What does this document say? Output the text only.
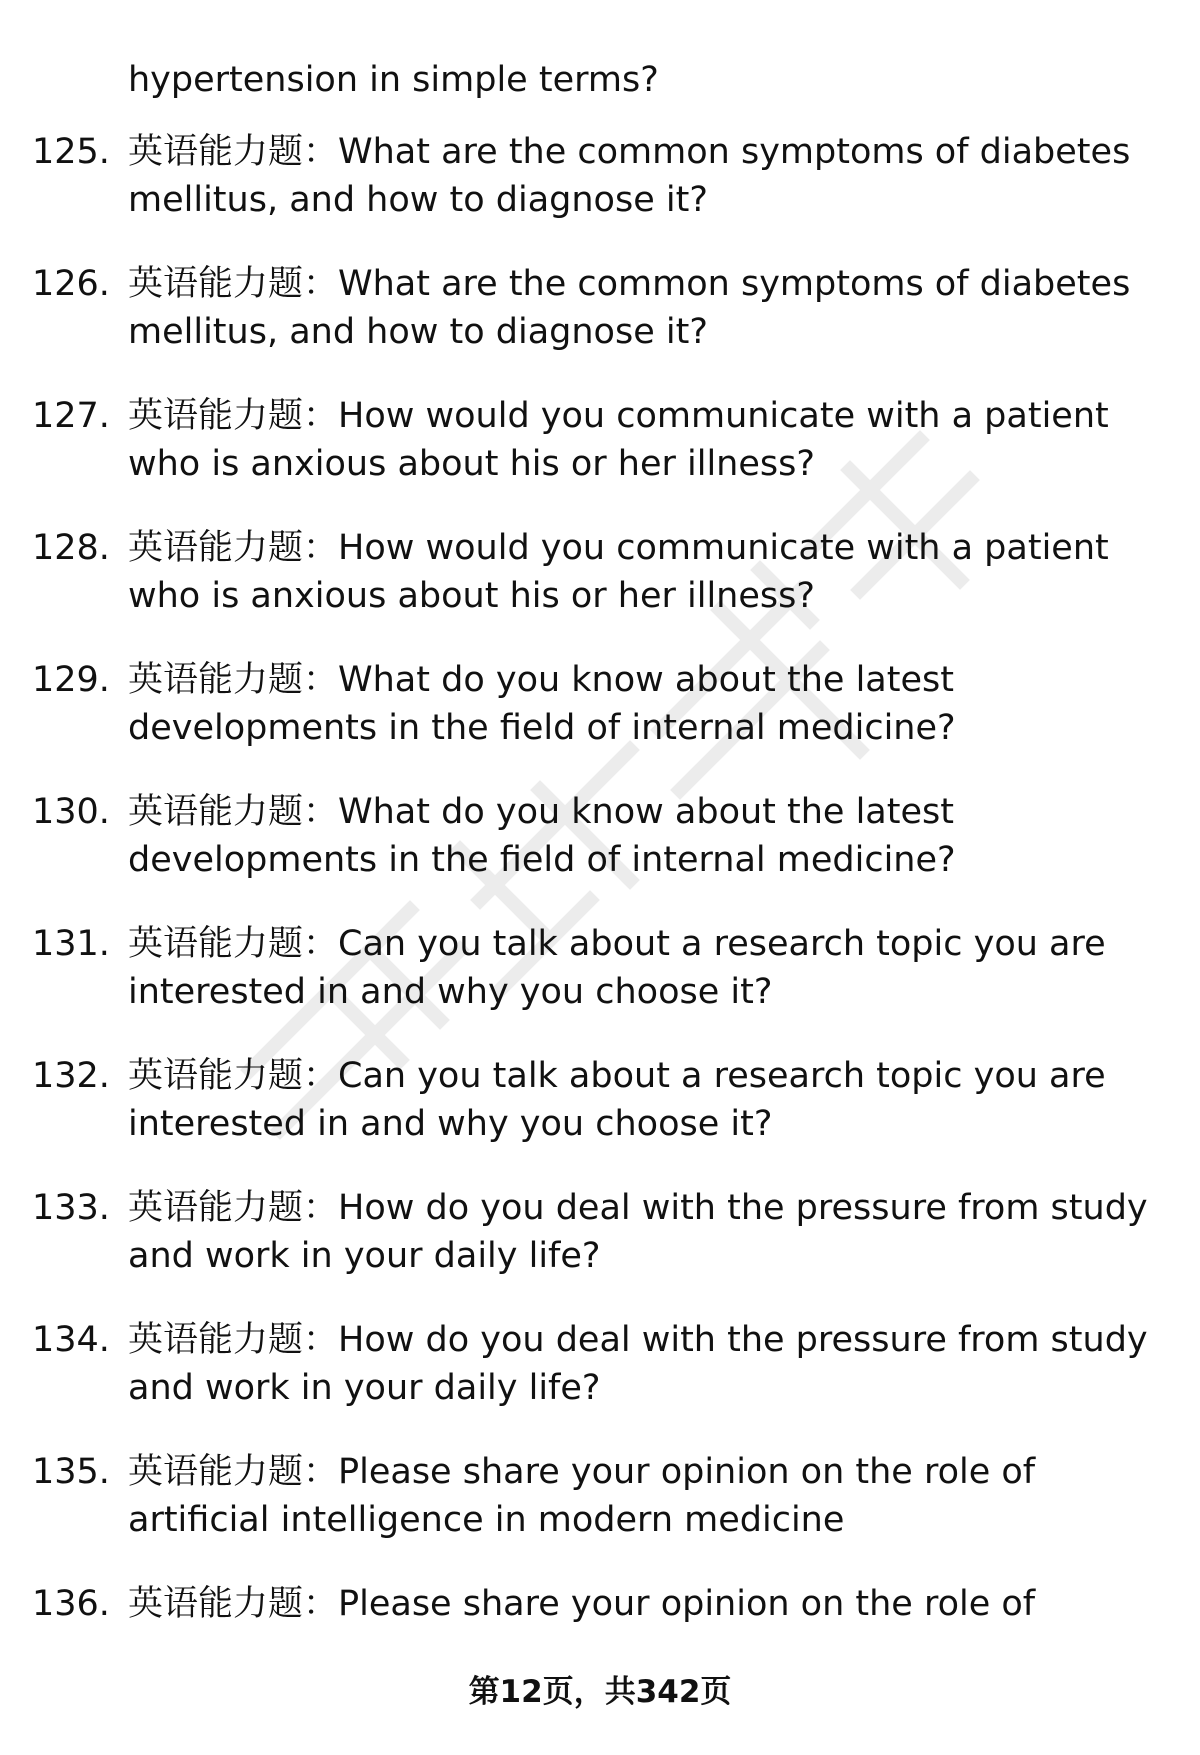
hypertension in simple terms?
125. 英语能力题：What are the common symptoms of diabetes
mellitus, and how to diagnose it?
126. 英语能力题：What are the common symptoms of diabetes
mellitus, and how to diagnose it?
127. 英语能力题：How would you communicate with a patient
who is anxious about his or her illness?
128. 英语能力题：How would you communicate with a patient
who is anxious about his or her illness?
129. 英语能力题：What do you know about the latest
developments in the field of internal medicine?
130. 英语能力题：What do you know about the latest
developments in the field of internal medicine?
131. 英语能力题：Can you talk about a research topic you are
interested in and why you choose it?
132. 英语能力题：Can you talk about a research topic you are
interested in and why you choose it?
133. 英语能力题：How do you deal with the pressure from study
and work in your daily life?
134. 英语能力题：How do you deal with the pressure from study
and work in your daily life?
135. 英语能力题：Please share your opinion on the role of
artificial intelligence in modern medicine
136. 英语能力题：Please share your opinion on the role of
第12页，共342页
